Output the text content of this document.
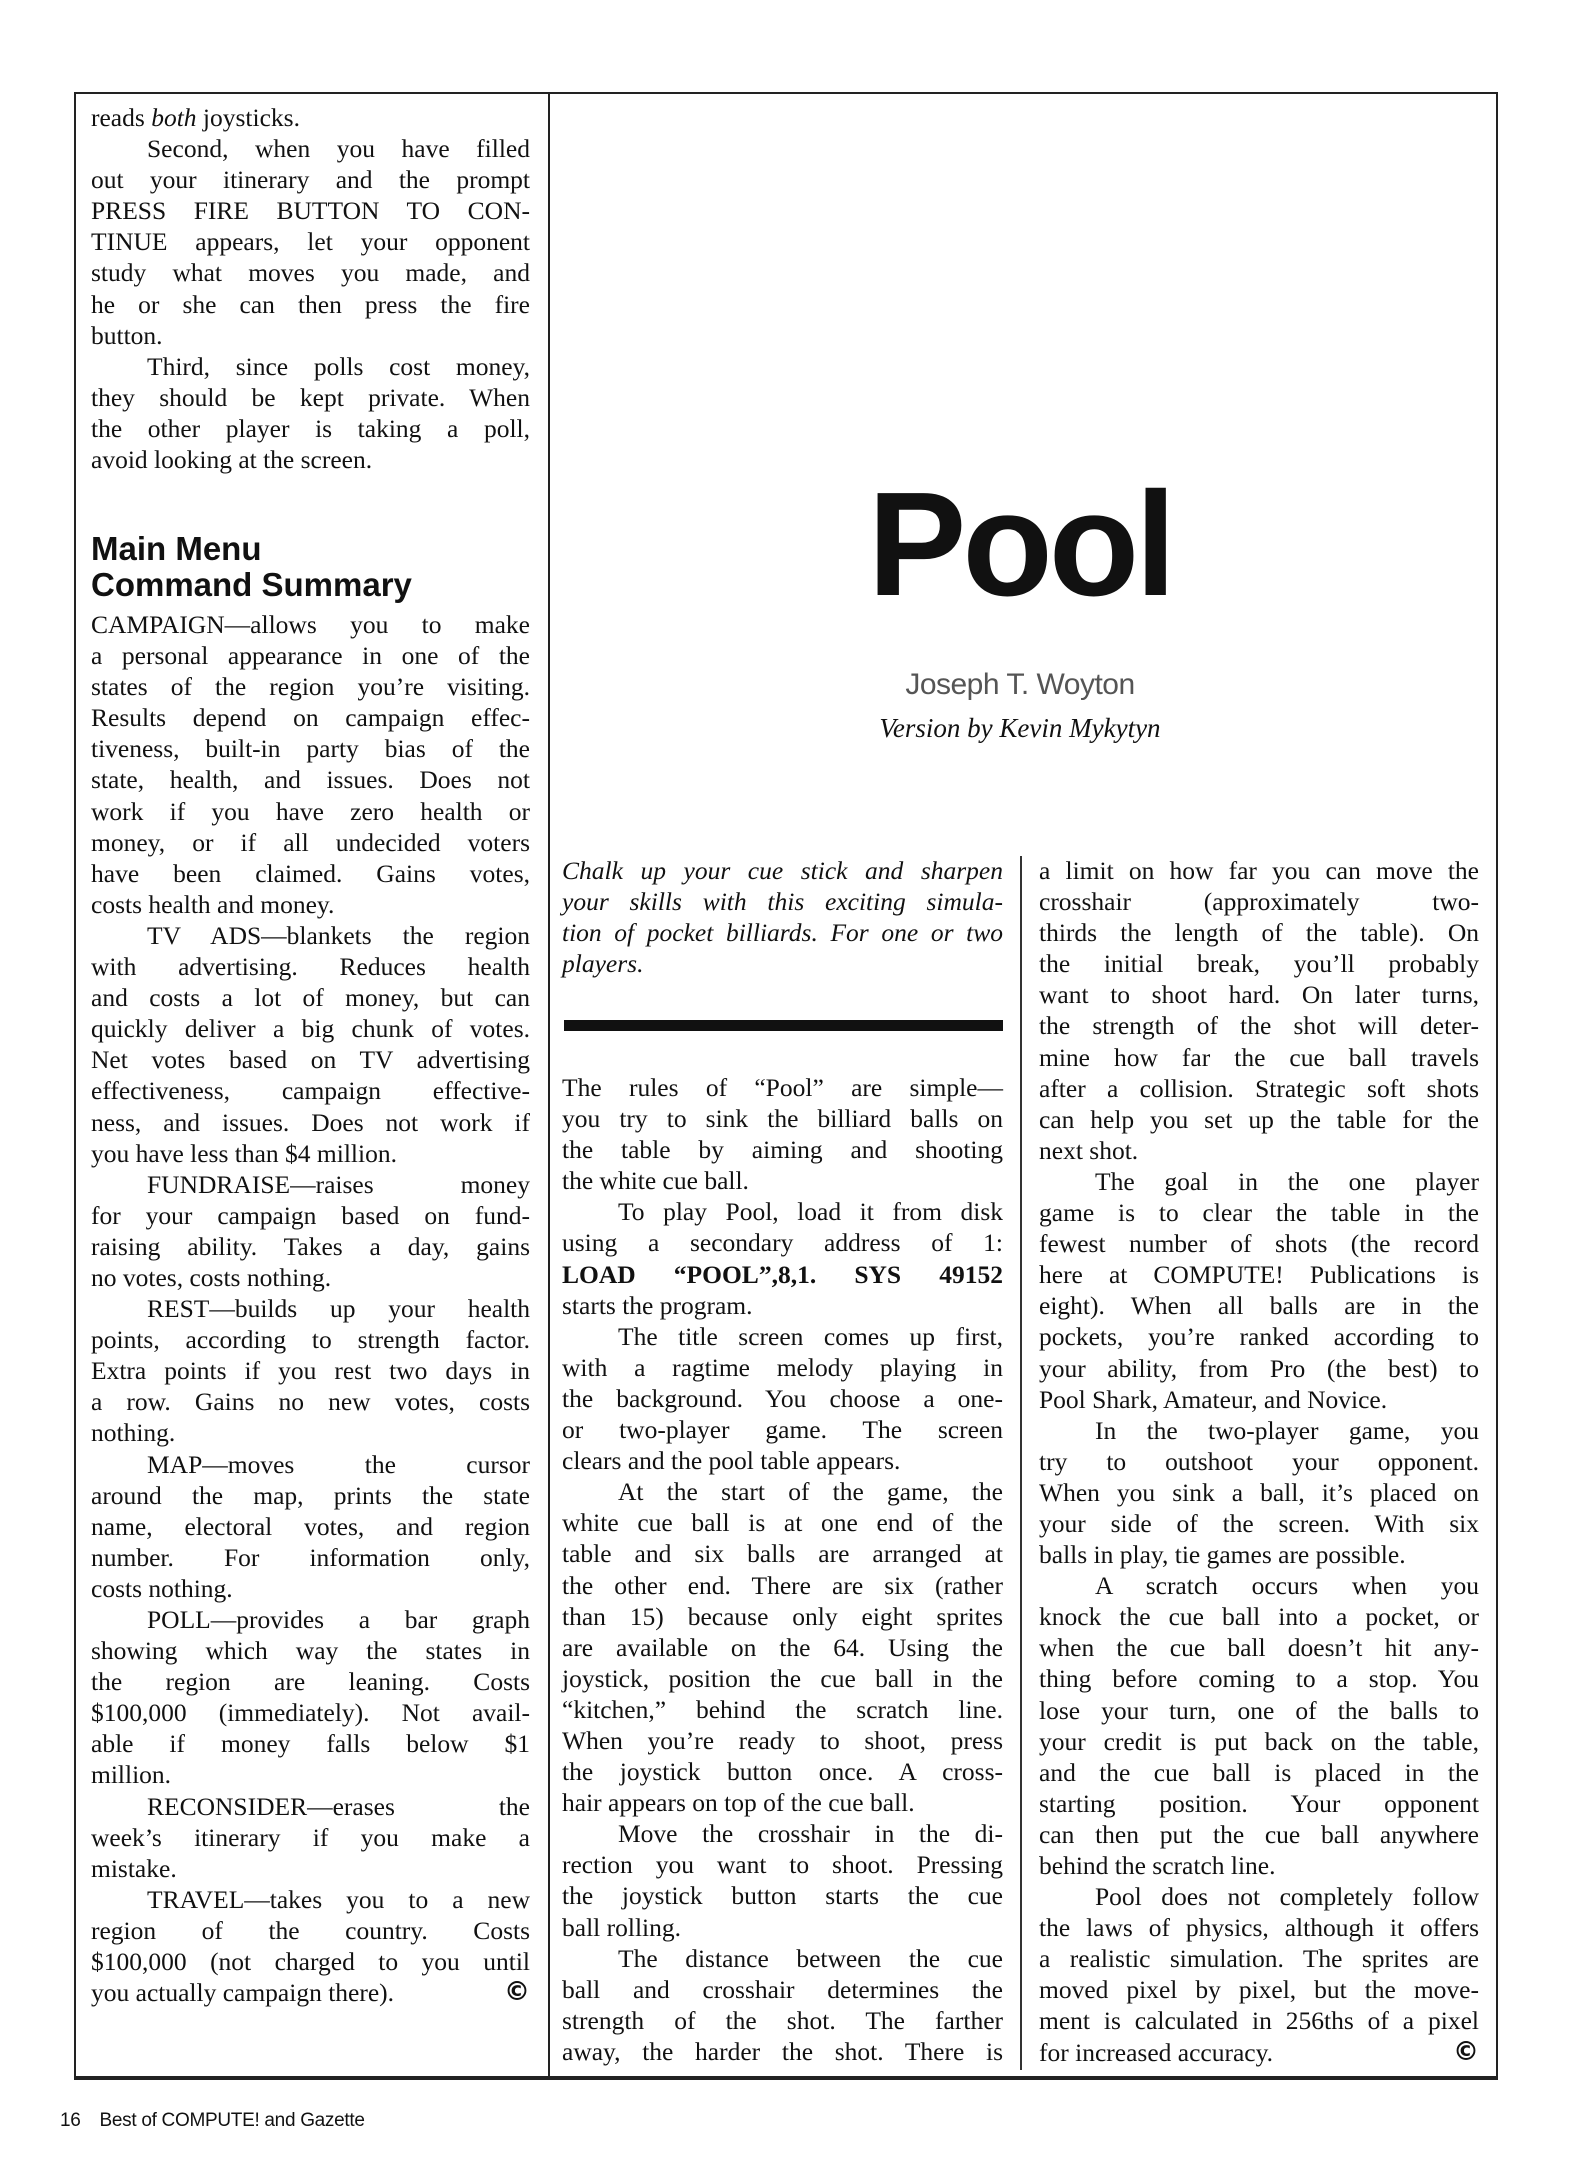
reads both joysticks.
Second, when you have filled
out your itinerary and the prompt
PRESS FIRE BUTTON TO CON-
TINUE appears, let your opponent
study what moves you made, and
he or she can then press the fire
button.
Third, since polls cost money,
they should be kept private. When
the other player is taking a poll,
avoid looking at the screen.
Main Menu
Command Summary
CAMPAIGN—allows you to make
a personal appearance in one of the
states of the region you’re visiting.
Results depend on campaign effec-
tiveness, built-in party bias of the
state, health, and issues. Does not
work if you have zero health or
money, or if all undecided voters
have been claimed. Gains votes,
costs health and money.
TV ADS—blankets the region
with advertising. Reduces health
and costs a lot of money, but can
quickly deliver a big chunk of votes.
Net votes based on TV advertising
effectiveness, campaign effective-
ness, and issues. Does not work if
you have less than $4 million.
FUNDRAISE—raises money
for your campaign based on fund-
raising ability. Takes a day, gains
no votes, costs nothing.
REST—builds up your health
points, according to strength factor.
Extra points if you rest two days in
a row. Gains no new votes, costs
nothing.
MAP—moves the cursor
around the map, prints the state
name, electoral votes, and region
number. For information only,
costs nothing.
POLL—provides a bar graph
showing which way the states in
the region are leaning. Costs
$100,000 (immediately). Not avail-
able if money falls below $1
million.
RECONSIDER—erases the
week’s itinerary if you make a
mistake.
TRAVEL—takes you to a new
region of the country. Costs
$100,000 (not charged to you until
you actually campaign there).	©
Pool
Joseph T. Woyton
Version by Kevin Mykytyn
Chalk up your cue stick and sharpen
your skills with this exciting simula-
tion of pocket billiards. For one or two
players.
The rules of “Pool” are simple—
you try to sink the billiard balls on
the table by aiming and shooting
the white cue ball.
To play Pool, load it from disk
using a secondary address of 1:
LOAD “POOL”,8,1. SYS 49152
starts the program.
The title screen comes up first,
with a ragtime melody playing in
the background. You choose a one-
or two-player game. The screen
clears and the pool table appears.
At the start of the game, the
white cue ball is at one end of the
table and six balls are arranged at
the other end. There are six (rather
than 15) because only eight sprites
are available on the 64. Using the
joystick, position the cue ball in the
“kitchen,” behind the scratch line.
When you’re ready to shoot, press
the joystick button once. A cross-
hair appears on top of the cue ball.
Move the crosshair in the di-
rection you want to shoot. Pressing
the joystick button starts the cue
ball rolling.
The distance between the cue
ball and crosshair determines the
strength of the shot. The farther
away, the harder the shot. There is
a limit on how far you can move the
crosshair (approximately two-
thirds the length of the table). On
the initial break, you’ll probably
want to shoot hard. On later turns,
the strength of the shot will deter-
mine how far the cue ball travels
after a collision. Strategic soft shots
can help you set up the table for the
next shot.
The goal in the one player
game is to clear the table in the
fewest number of shots (the record
here at COMPUTE! Publications is
eight). When all balls are in the
pockets, you’re ranked according to
your ability, from Pro (the best) to
Pool Shark, Amateur, and Novice.
In the two-player game, you
try to outshoot your opponent.
When you sink a ball, it’s placed on
your side of the screen. With six
balls in play, tie games are possible.
A scratch occurs when you
knock the cue ball into a pocket, or
when the cue ball doesn’t hit any-
thing before coming to a stop. You
lose your turn, one of the balls to
your credit is put back on the table,
and the cue ball is placed in the
starting position. Your opponent
can then put the cue ball anywhere
behind the scratch line.
Pool does not completely follow
the laws of physics, although it offers
a realistic simulation. The sprites are
moved pixel by pixel, but the move-
ment is calculated in 256ths of a pixel
for increased accuracy.	©
16 Best of COMPUTE! and Gazette
